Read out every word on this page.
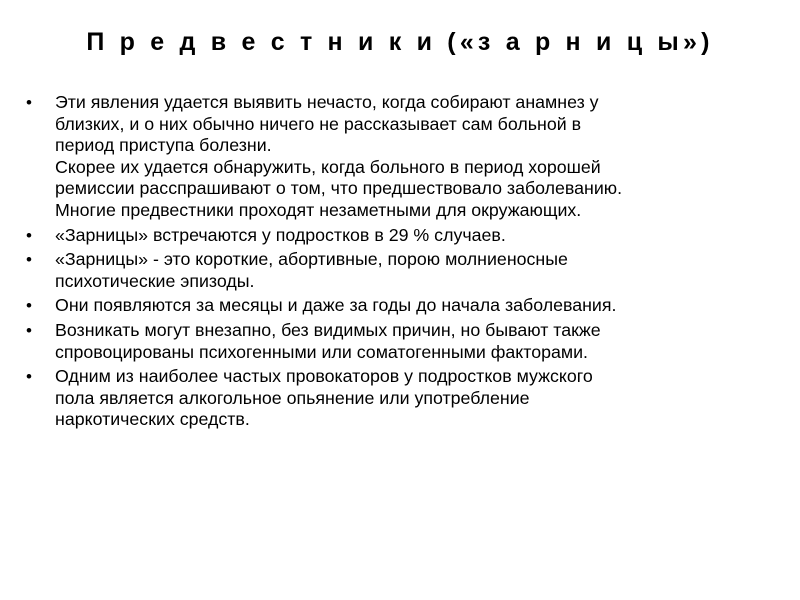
П р е д в е с т н и к и («з а р н и ц ы»)
• Эти явления удается выявить нечасто, когда собирают анамнез у
близких, и о них обычно ничего не рассказывает сам больной в
период приступа болезни.
Скорее их удается обнаружить, когда больного в период хорошей
ремиссии расспрашивают о том, что предшествовало заболеванию.
Многие предвестники проходят незаметными для окружающих.
• «Зарницы» встречаются у подростков в 29 % случаев.
• «Зарницы» - это короткие, абортивные, порою молниеносные
психотические эпизоды.
• Они появляются за месяцы и даже за годы до начала заболевания.
• Возникать могут внезапно, без видимых причин, но бывают также
спровоцированы психогенными или соматогенными факторами.
• Одним из наиболее частых провокаторов у подростков мужского
пола является алкогольное опьянение или употребление
наркотических средств.
